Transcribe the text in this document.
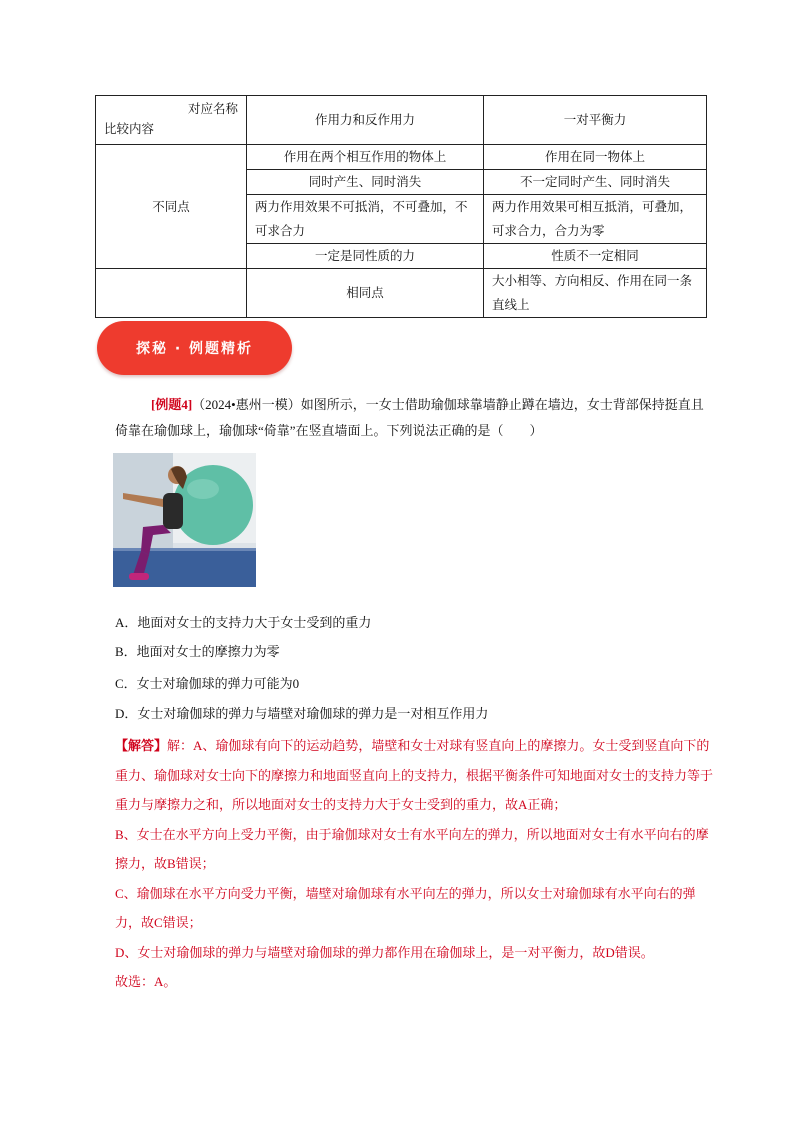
对应名称
比较内容	作用力和反作用力	一对平衡力
不同点	作用在两个相互作用的物体上	作用在同一物体上
	同时产生、同时消失	不一定同时产生、同时消失
	两力作用效果不可抵消，不可叠加，不可求合力	两力作用效果可相互抵消，可叠加，可求合力，合力为零
	一定是同性质的力	性质不一定相同
	相同点	大小相等、方向相反、作用在同一条直线上
探秘 · 例题精析
[例题4]（2024•惠州一模）如图所示，一女士借助瑜伽球靠墙静止蹲在墙边，女士背部保持挺直且倚靠在瑜伽球上，瑜伽球“倚靠”在竖直墙面上。下列说法正确的是（　　）
A．地面对女士的支持力大于女士受到的重力
B．地面对女士的摩擦力为零
C．女士对瑜伽球的弹力可能为0
D．女士对瑜伽球的弹力与墙壁对瑜伽球的弹力是一对相互作用力

【解答】解：A、瑜伽球有向下的运动趋势，墙壁和女士对球有竖直向上的摩擦力。女士受到竖直向下的重力、瑜伽球对女士向下的摩擦力和地面竖直向上的支持力，根据平衡条件可知地面对女士的支持力等于重力与摩擦力之和，所以地面对女士的支持力大于女士受到的重力，故A正确；

B、女士在水平方向上受力平衡，由于瑜伽球对女士有水平向左的弹力，所以地面对女士有水平向右的摩擦力，故B错误；

C、瑜伽球在水平方向受力平衡，墙壁对瑜伽球有水平向左的弹力，所以女士对瑜伽球有水平向右的弹力，故C错误；

D、女士对瑜伽球的弹力与墙壁对瑜伽球的弹力都作用在瑜伽球上，是一对平衡力，故D错误。

故选：A。
